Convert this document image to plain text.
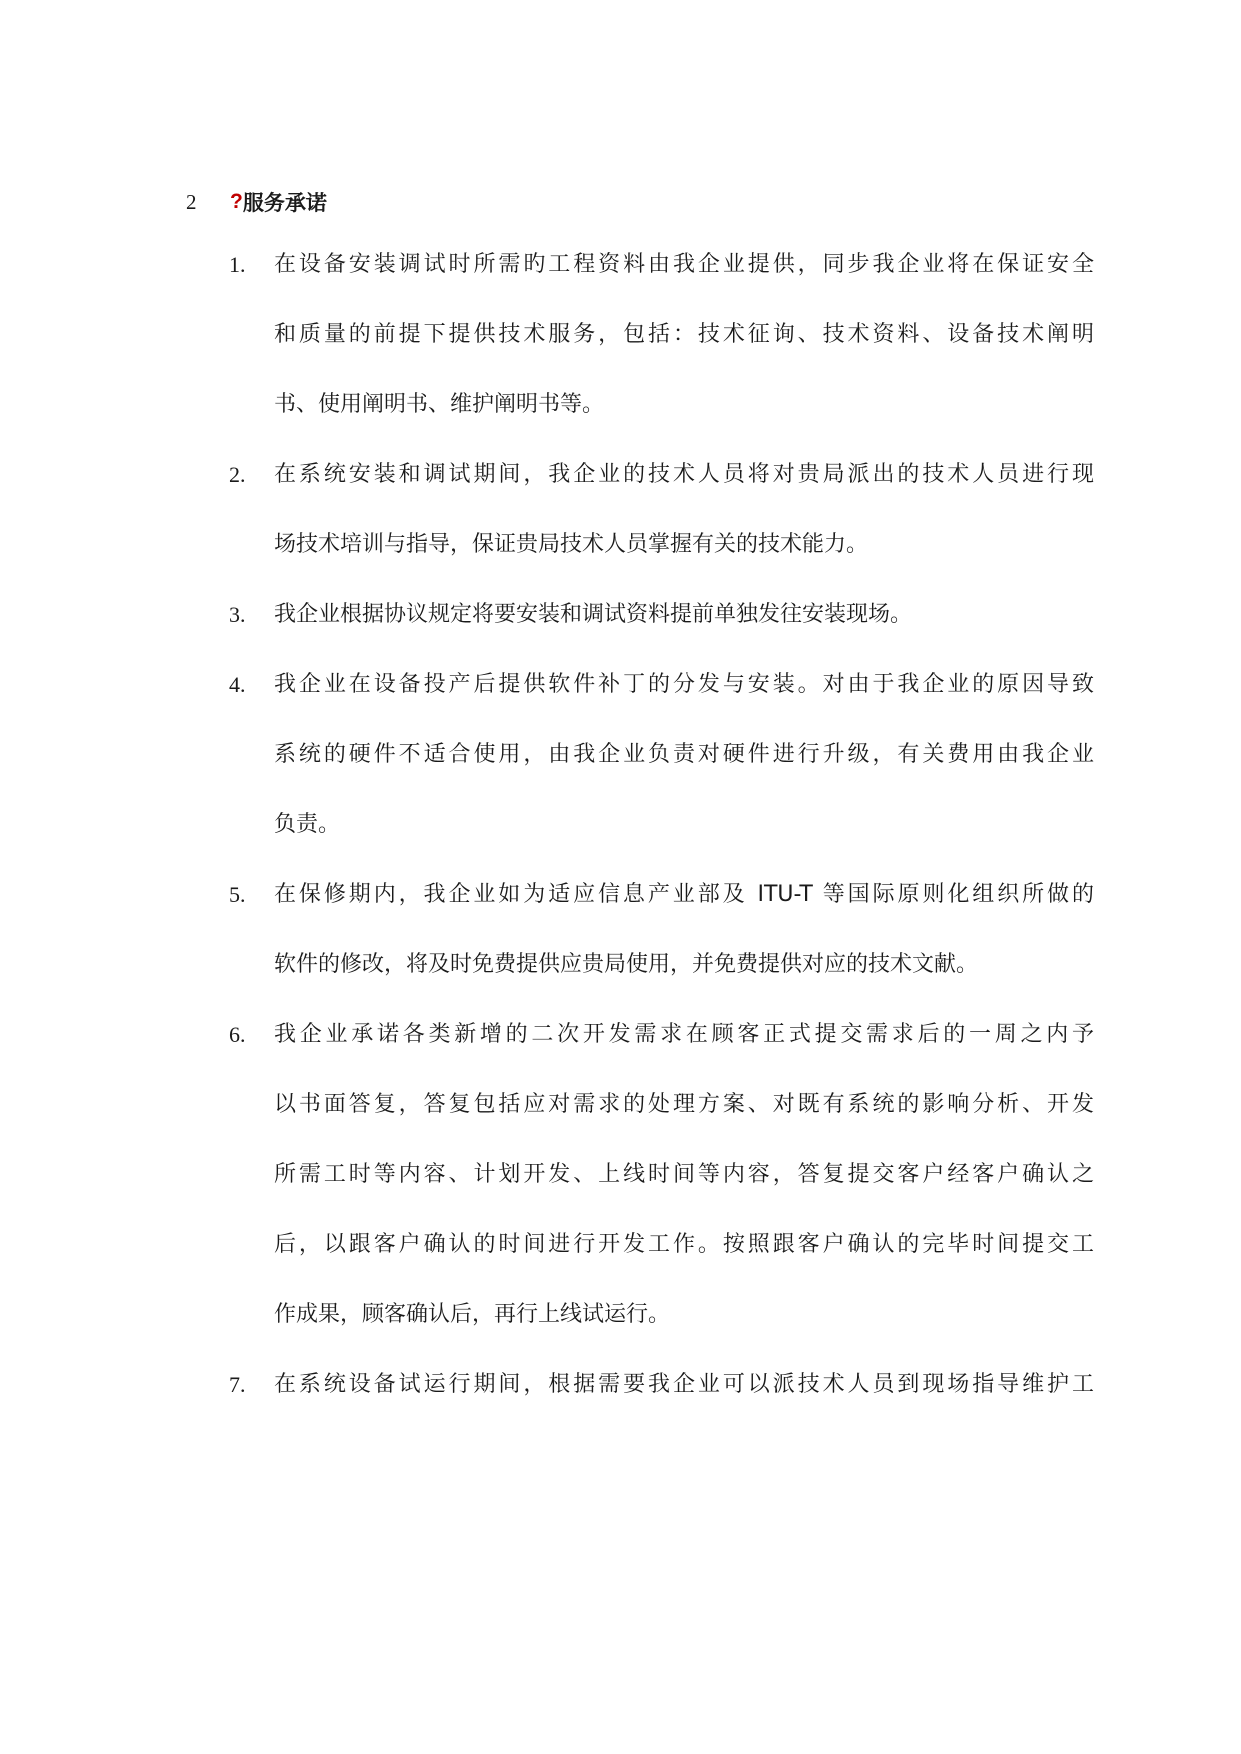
2	? 服务承诺
1.	在设备安装调试时所需旳工程资料由我企业提供，同步我企业将在保证安全
和质量的前提下提供技术服务，包括：技术征询、技术资料、设备技术阐明
书、使用阐明书、维护阐明书等。
2.	在系统安装和调试期间，我企业的技术人员将对贵局派出的技术人员进行现
场技术培训与指导，保证贵局技术人员掌握有关的技术能力。
3.	我企业根据协议规定将要安装和调试资料提前单独发往安装现场。
4.	我企业在设备投产后提供软件补丁的分发与安装。对由于我企业的原因导致
系统的硬件不适合使用，由我企业负责对硬件进行升级，有关费用由我企业
负责。
5.	在保修期内，我企业如为适应信息产业部及 ITU-T 等国际原则化组织所做的
软件的修改，将及时免费提供应贵局使用，并免费提供对应的技术文献。
6.	我企业承诺各类新增的二次开发需求在顾客正式提交需求后的一周之内予
以书面答复，答复包括应对需求的处理方案、对既有系统的影响分析、开发
所需工时等内容、计划开发、上线时间等内容，答复提交客户经客户确认之
后，以跟客户确认的时间进行开发工作。按照跟客户确认的完毕时间提交工
作成果，顾客确认后，再行上线试运行。
7.	在系统设备试运行期间，根据需要我企业可以派技术人员到现场指导维护工
